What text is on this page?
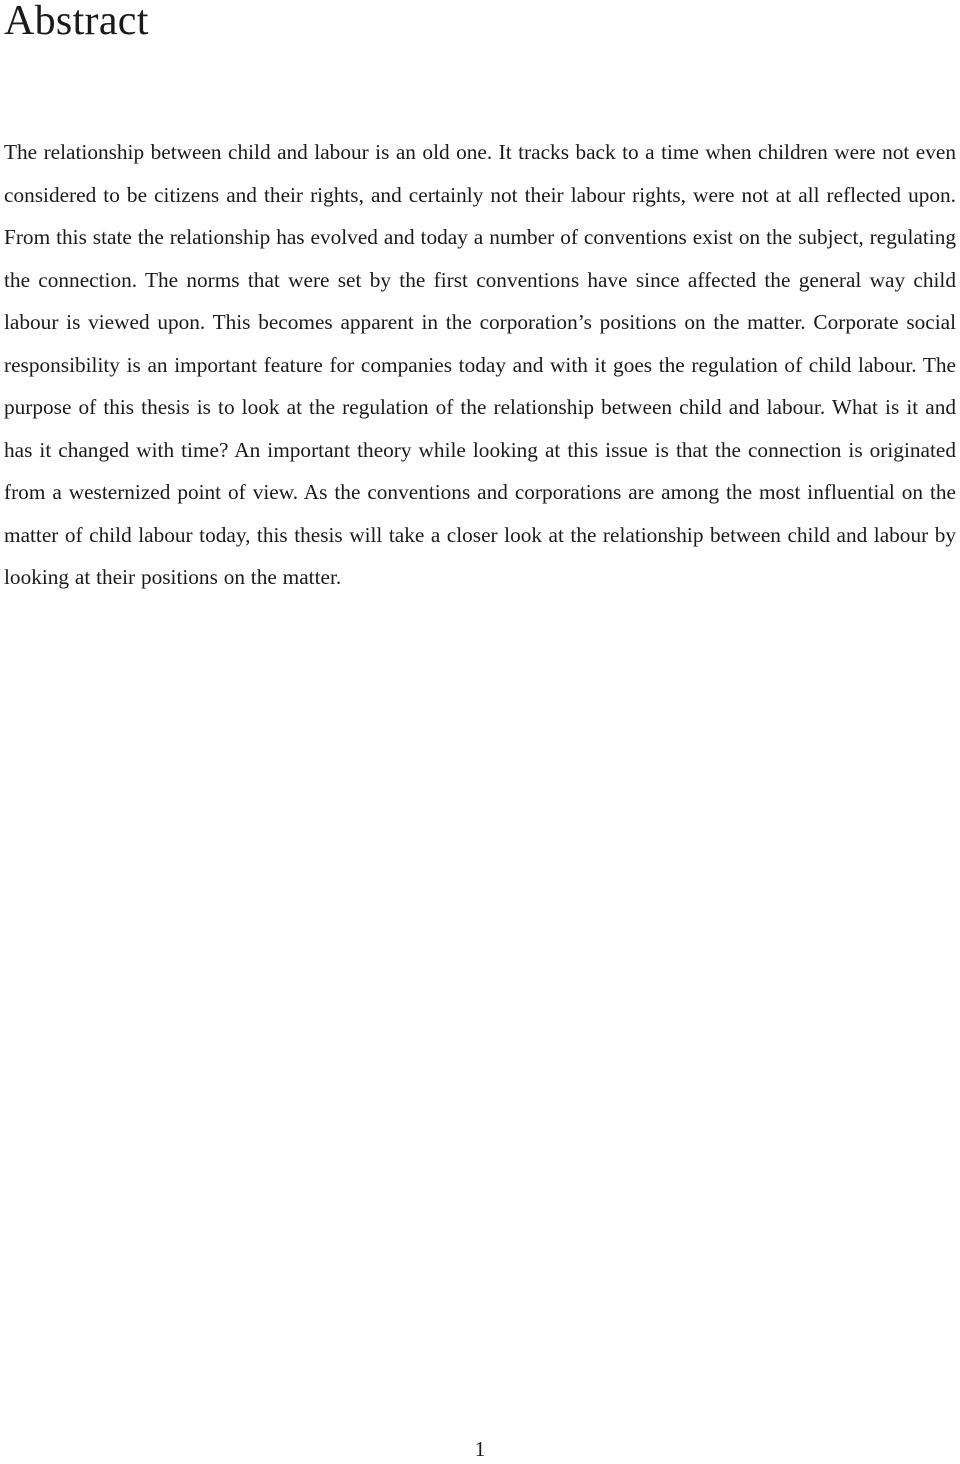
Abstract

The relationship between child and labour is an old one. It tracks back to a time when children were not even considered to be citizens and their rights, and certainly not their labour rights, were not at all reflected upon. From this state the relationship has evolved and today a number of conventions exist on the subject, regulating the connection. The norms that were set by the first conventions have since affected the general way child labour is viewed upon. This becomes apparent in the corporation’s positions on the matter. Corporate social responsibility is an important feature for companies today and with it goes the regulation of child labour. The purpose of this thesis is to look at the regulation of the relationship between child and labour. What is it and has it changed with time? An important theory while looking at this issue is that the connection is originated from a westernized point of view. As the conventions and corporations are among the most influential on the matter of child labour today, this thesis will take a closer look at the relationship between child and labour by looking at their positions on the matter.

1
